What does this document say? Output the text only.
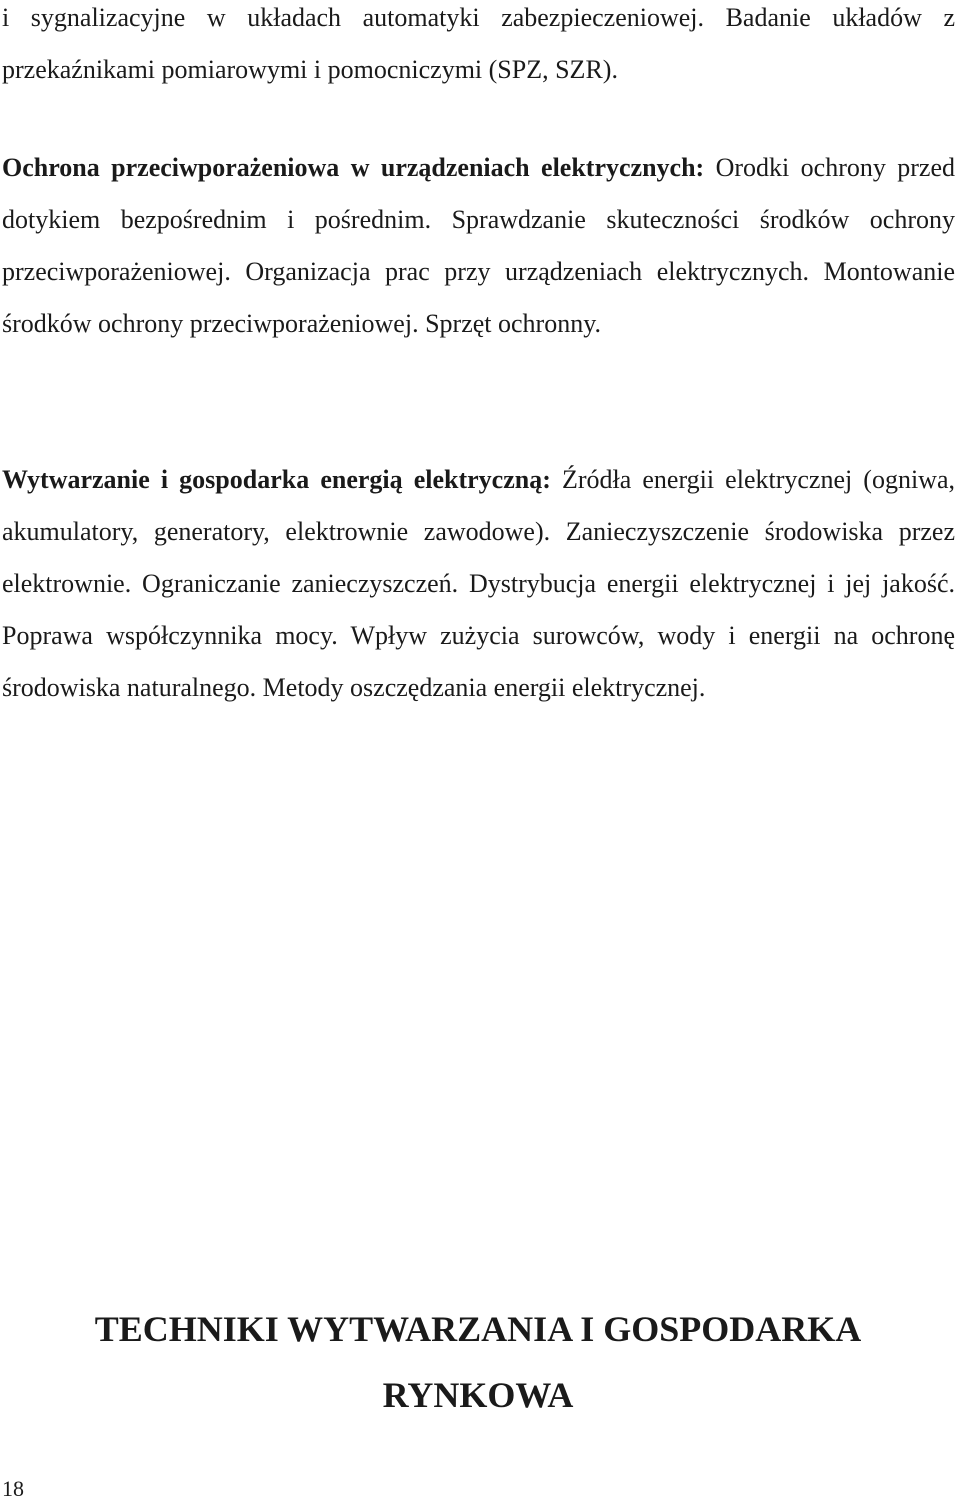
i sygnalizacyjne w układach automatyki zabezpieczeniowej. Badanie układów z przekaźnikami pomiarowymi i pomocniczymi (SPZ, SZR).

Ochrona przeciwporażeniowa w urządzeniach elektrycznych: Orodki ochrony przed dotykiem bezpośrednim i pośrednim. Sprawdzanie skuteczności środków ochrony przeciwporażeniowej. Organizacja prac przy urządzeniach elektrycznych. Montowanie środków ochrony przeciwporażeniowej. Sprzęt ochronny.

Wytwarzanie i gospodarka energią elektryczną: Źródła energii elektrycznej (ogniwa, akumulatory, generatory, elektrownie zawodowe). Zanieczyszczenie środowiska przez elektrownie. Ograniczanie zanieczyszczeń. Dystrybucja energii elektrycznej i jej jakość. Poprawa współczynnika mocy. Wpływ zużycia surowców, wody i energii na ochronę środowiska naturalnego. Metody oszczędzania energii elektrycznej.

TECHNIKI WYTWARZANIA I GOSPODARKA
RYNKOWA

18
